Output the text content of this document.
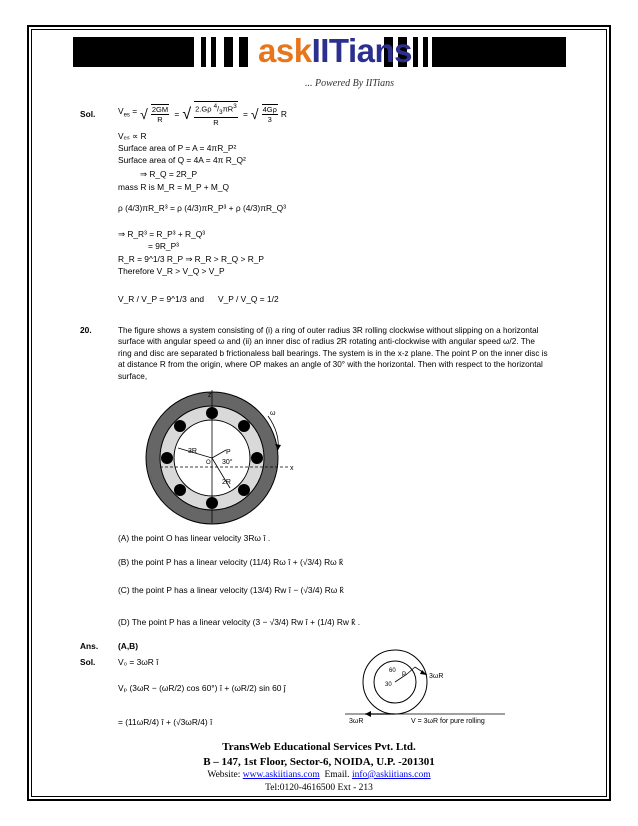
askIITians
... Powered By IITians
Sol.	$V_{es}$ = √ $\frac{2GM}{R}$ = √ $\frac{2.G\rho ^4/_3\pi R^3}{R}$ = √ $\frac{4G\rho}{3}$ R
Vₑₛ ∝ R
Surface area of P = A = 4πR_P²
Surface area of Q = 4A = 4π R_Q²
⇒ R_Q = 2R_P
mass R is M_R = M_P + M_Q
ρ (4/3)πR_R³ = ρ (4/3)πR_P³ + ρ (4/3)πR_Q³
⇒ R_R³ = R_P³ + R_Q³
= 9R_P³
R_R = 9^1/3 R_P ⇒ R_R > R_Q > R_P
Therefore V_R > V_Q > V_P
V_R / V_P = 9^1/3 and V_P / V_Q = 1/2
20.	The figure shows a system consisting of (i) a ring of outer radius 3R rolling clockwise without slipping on a horizontal surface with angular speed ω and (ii) an inner disc of radius 2R rotating anti-clockwise with angular speed ω/2. The ring and disc are separated b frictionaless ball bearings. The system is in the x-z plane. The point P on the inner disc is at distance R from the origin, where OP makes an angle of 30° with the horizontal. Then with respect to the horizontal surface,
z
x
ω
3R
2R
P
O 30°
(A) the point O has linear velocity 3Rω î .
(B) the point P has a linear velocity (11/4) Rω î + (√3/4) Rω k̂
(C) the point P has a linear velocity (13/4) Rw î − (√3/4) Rω k̂
(D) The point P has a linear velocity (3 − √3/4) Rw î + (1/4) Rw k̂ .
Ans. (A,B)
Sol.	V₀ = 3ωR î
Vₚ (3ωR − (ωR/2) cos 60°) î + (ωR/2) sin 60 ĵ
= (11ωR/4) î + (√3ωR/4) î
P
60
30
3ωR
3ωR	V = 3ωR for pure rolling
TransWeb Educational Services Pvt. Ltd.
B – 147, 1st Floor, Sector-6, NOIDA, U.P. -201301
Website: www.askiitians.com Email. info@askiitians.com
Tel:0120-4616500 Ext - 213
